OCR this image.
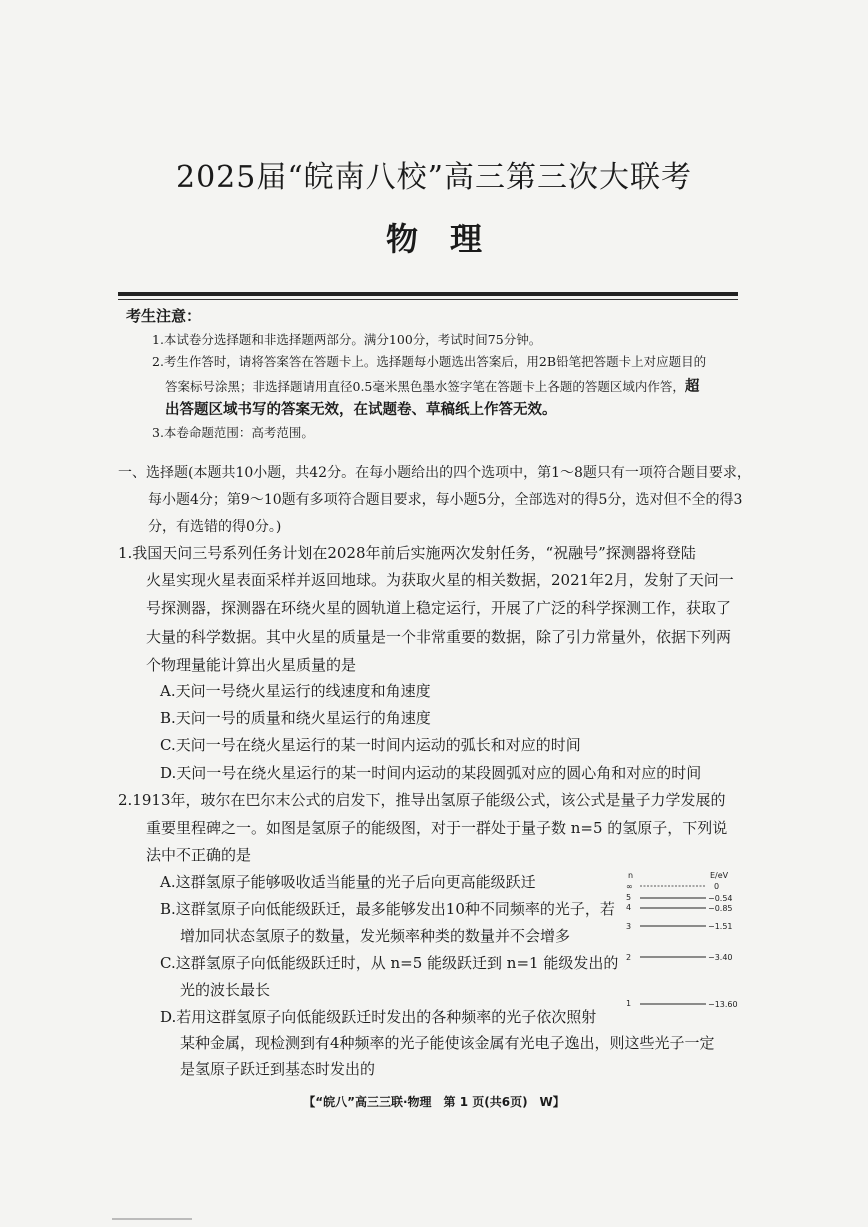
2025届“皖南八校”高三第三次大联考
物　理
考生注意：
1.本试卷分选择题和非选择题两部分。满分100分，考试时间75分钟。
2.考生作答时，请将答案答在答题卡上。选择题每小题选出答案后，用2B铅笔把答题卡上对应题目的
答案标号涂黑；非选择题请用直径0.5毫米黑色墨水签字笔在答题卡上各题的答题区域内作答，超
出答题区域书写的答案无效，在试题卷、草稿纸上作答无效。
3.本卷命题范围：高考范围。
一、选择题(本题共10小题，共42分。在每小题给出的四个选项中，第1～8题只有一项符合题目要求，
每小题4分；第9～10题有多项符合题目要求，每小题5分，全部选对的得5分，选对但不全的得3
分，有选错的得0分。)
1.我国天问三号系列任务计划在2028年前后实施两次发射任务，“祝融号”探测器将登陆
火星实现火星表面采样并返回地球。为获取火星的相关数据，2021年2月，发射了天问一
号探测器，探测器在环绕火星的圆轨道上稳定运行，开展了广泛的科学探测工作，获取了
大量的科学数据。其中火星的质量是一个非常重要的数据，除了引力常量外，依据下列两
个物理量能计算出火星质量的是
A.天问一号绕火星运行的线速度和角速度
B.天问一号的质量和绕火星运行的角速度
C.天问一号在绕火星运行的某一时间内运动的弧长和对应的时间
D.天问一号在绕火星运行的某一时间内运动的某段圆弧对应的圆心角和对应的时间
2.1913年，玻尔在巴尔末公式的启发下，推导出氢原子能级公式，该公式是量子力学发展的
重要里程碑之一。如图是氢原子的能级图，对于一群处于量子数 n=5 的氢原子，下列说
法中不正确的是
A.这群氢原子能够吸收适当能量的光子后向更高能级跃迁
B.这群氢原子向低能级跃迁，最多能够发出10种不同频率的光子，若
增加同状态氢原子的数量，发光频率种类的数量并不会增多
C.这群氢原子向低能级跃迁时，从 n=5 能级跃迁到 n=1 能级发出的
光的波长最长
D.若用这群氢原子向低能级跃迁时发出的各种频率的光子依次照射
某种金属，现检测到有4种频率的光子能使该金属有光电子逸出，则这些光子一定
是氢原子跃迁到基态时发出的
n	E/eV
∞	0
5	−0.54
4	−0.85
3	−1.51
2	−3.40
1	−13.60
【“皖八”高三三联·物理　第 1 页(共6页)　W】
